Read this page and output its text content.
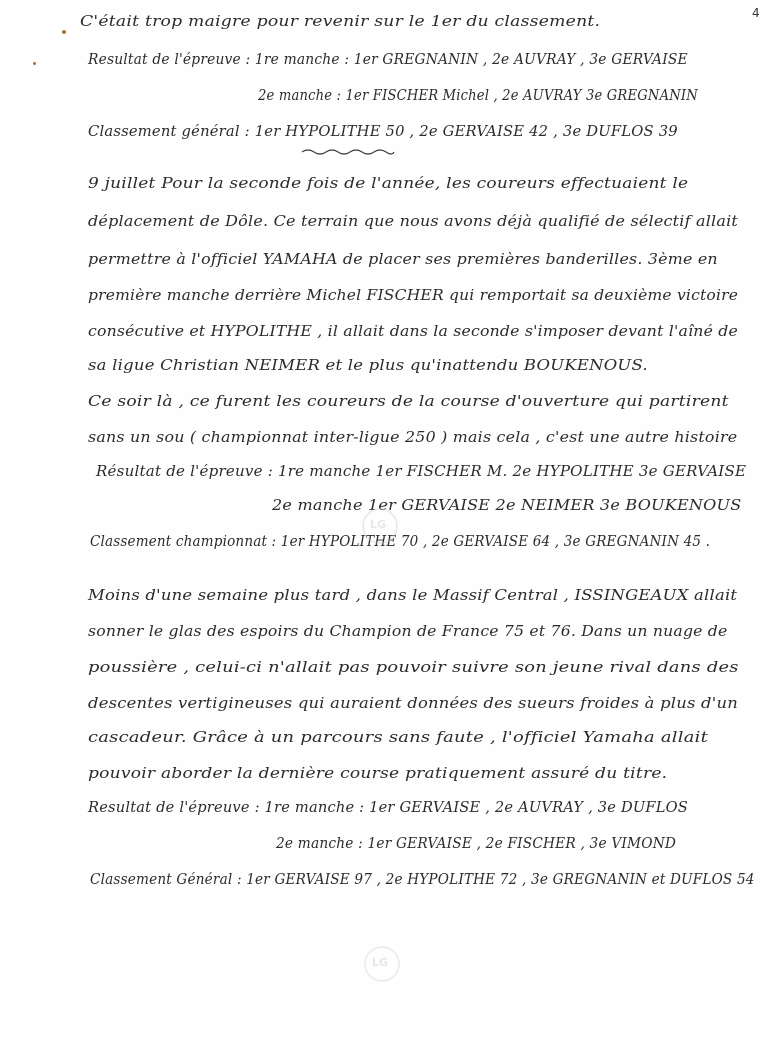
4
C'était trop maigre pour revenir sur le 1er du classement.
Resultat de l'épreuve : 1re manche : 1er GREGNANIN , 2e AUVRAY , 3e GERVAISE
2e manche : 1er FISCHER Michel , 2e AUVRAY 3e GREGNANIN
Classement général : 1er HYPOLITHE 50 , 2e GERVAISE 42 , 3e DUFLOS 39
9 juillet Pour la seconde fois de l'année, les coureurs effectuaient le
déplacement de Dôle. Ce terrain que nous avons déjà qualifié de sélectif allait
permettre à l'officiel YAMAHA de placer ses premières banderilles. 3ème en
première manche derrière Michel FISCHER qui remportait sa deuxième victoire
consécutive et HYPOLITHE , il allait dans la seconde s'imposer devant l'aîné de
sa ligue Christian NEIMER et le plus qu'inattendu BOUKENOUS.
Ce soir là , ce furent les coureurs de la course d'ouverture qui partirent
sans un sou ( championnat inter-ligue 250 ) mais cela , c'est une autre histoire
Résultat de l'épreuve : 1re manche 1er FISCHER M. 2e HYPOLITHE 3e GERVAISE
2e manche 1er GERVAISE 2e NEIMER 3e BOUKENOUS
Classement championnat : 1er HYPOLITHE 70 , 2e GERVAISE 64 , 3e GREGNANIN 45 .
LG
Moins d'une semaine plus tard , dans le Massif Central , ISSINGEAUX allait
sonner le glas des espoirs du Champion de France 75 et 76. Dans un nuage de
poussière , celui-ci n'allait pas pouvoir suivre son jeune rival dans des
descentes vertigineuses qui auraient données des sueurs froides à plus d'un
cascadeur. Grâce à un parcours sans faute , l'officiel Yamaha allait
pouvoir aborder la dernière course pratiquement assuré du titre.
Resultat de l'épreuve : 1re manche : 1er GERVAISE , 2e AUVRAY , 3e DUFLOS
2e manche : 1er GERVAISE , 2e FISCHER , 3e VIMOND
Classement Général : 1er GERVAISE 97 , 2e HYPOLITHE 72 , 3e GREGNANIN et DUFLOS 54
LG
